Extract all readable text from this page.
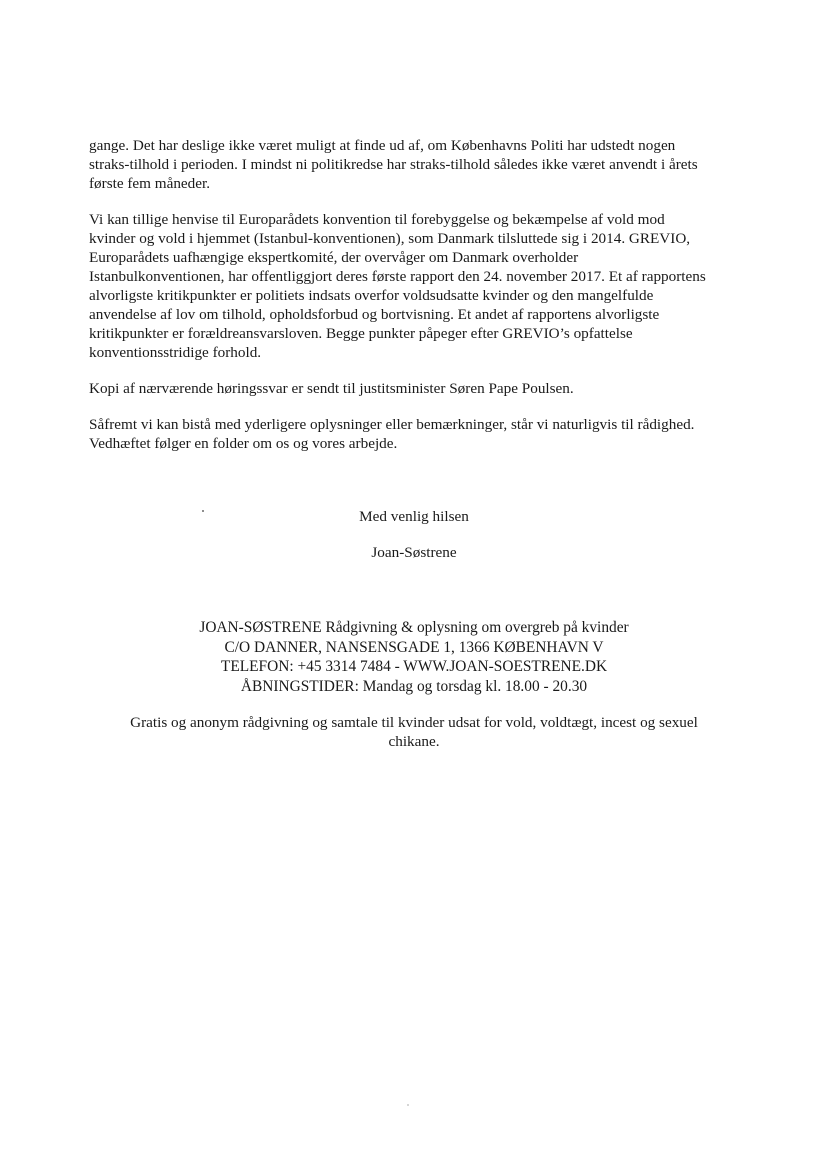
gange. Det har deslige ikke været muligt at finde ud af, om Københavns Politi har udstedt nogen
straks-tilhold i perioden. I mindst ni politikredse har straks-tilhold således ikke været anvendt i årets
første fem måneder.
Vi kan tillige henvise til Europarådets konvention til forebyggelse og bekæmpelse af vold mod
kvinder og vold i hjemmet (Istanbul-konventionen), som Danmark tilsluttede sig i 2014. GREVIO,
Europarådets uafhængige ekspertkomité, der overvåger om Danmark overholder
Istanbulkonventionen, har offentliggjort deres første rapport den 24. november 2017. Et af rapportens
alvorligste kritikpunkter er politiets indsats overfor voldsudsatte kvinder og den mangelfulde
anvendelse af lov om tilhold, opholdsforbud og bortvisning. Et andet af rapportens alvorligste
kritikpunkter er forældreansvarsloven. Begge punkter påpeger efter GREVIO’s opfattelse
konventionsstridige forhold.
Kopi af nærværende høringssvar er sendt til justitsminister Søren Pape Poulsen.
Såfremt vi kan bistå med yderligere oplysninger eller bemærkninger, står vi naturligvis til rådighed.
Vedhæftet følger en folder om os og vores arbejde.
Med venlig hilsen
Joan-Søstrene
JOAN-SØSTRENE Rådgivning & oplysning om overgreb på kvinder
C/O DANNER, NANSENSGADE 1, 1366 KØBENHAVN V
TELEFON: +45 3314 7484 - WWW.JOAN-SOESTRENE.DK
ÅBNINGSTIDER: Mandag og torsdag kl. 18.00 - 20.30
Gratis og anonym rådgivning og samtale til kvinder udsat for vold, voldtægt, incest og sexuel
chikane.
